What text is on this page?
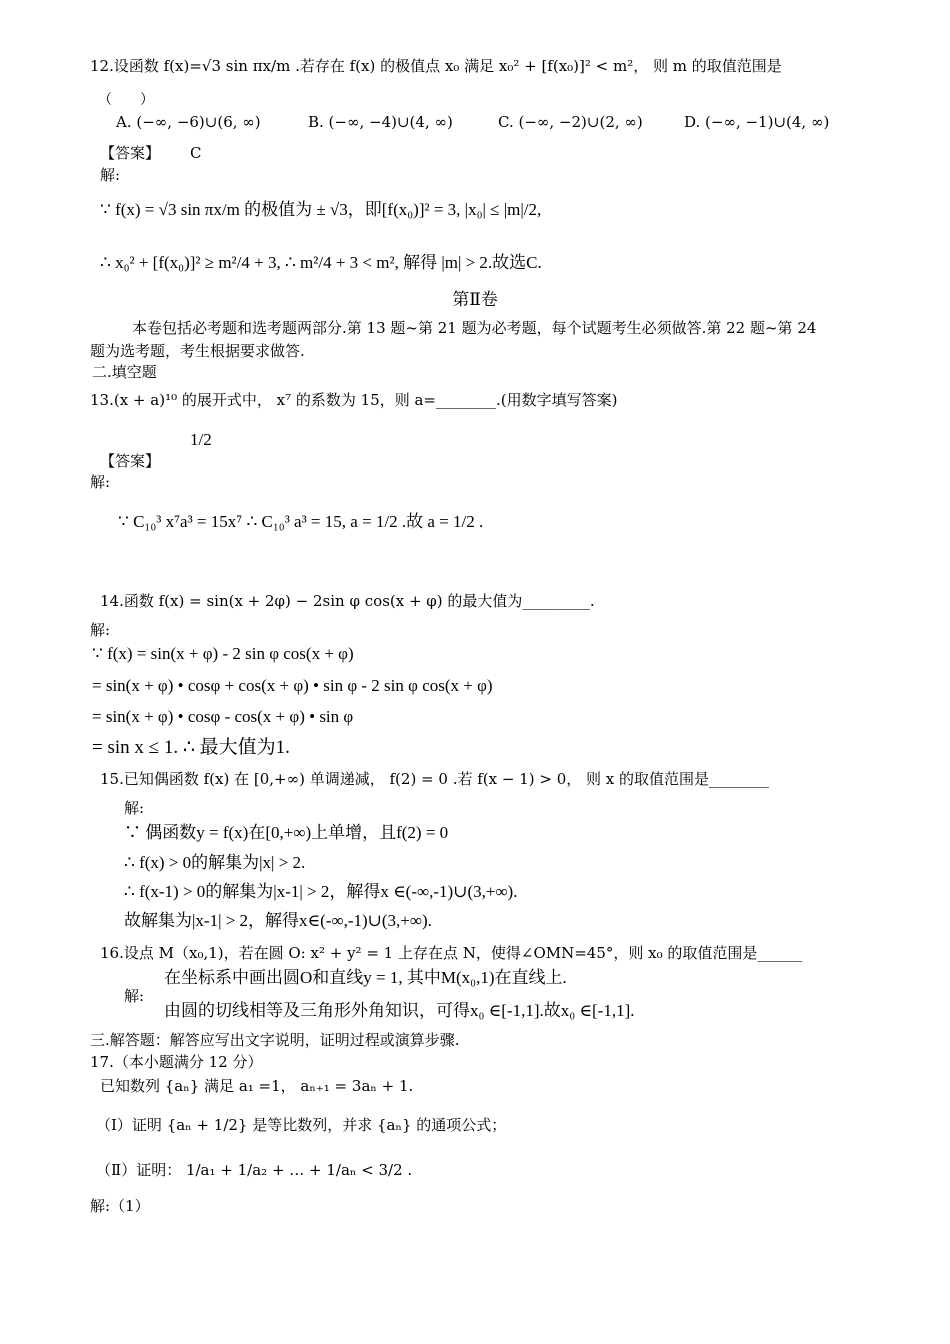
12.设函数 f(x)=√3 sin πx/m .若存在 f(x) 的极值点 x₀ 满足 x₀² + [f(x₀)]² < m²， 则 m 的取值范围是
（　　）
A. (−∞, −6)∪(6, ∞)	B. (−∞, −4)∪(4, ∞)	C. (−∞, −2)∪(2, ∞)	D. (−∞, −1)∪(4, ∞)
【答案】 C
解:
∵ f(x) = √3 sin πx/m 的极值为 ± √3，即[f(x₀)]² = 3, |x₀| ≤ |m|/2,
∴ x₀² + [f(x₀)]² ≥ m²/4 + 3, ∴ m²/4 + 3 < m², 解得 |m| > 2.故选C.
第Ⅱ卷
本卷包括必考题和选考题两部分.第 13 题~第 21 题为必考题，每个试题考生必须做答.第 22 题~第 24
题为选考题，考生根据要求做答.
二.填空题
13.(x + a)¹⁰ 的展开式中， x⁷ 的系数为 15，则 a=________.(用数字填写答案)
1/2
【答案】
解:
∵ C₁₀³ x⁷a³ = 15x⁷ ∴ C₁₀³ a³ = 15, a = 1/2 .故 a = 1/2 .
14.函数 f(x) = sin(x + 2φ) − 2sin φ cos(x + φ) 的最大值为_________.
解:
∵ f(x) = sin(x + φ) - 2 sin φ cos(x + φ)
= sin(x + φ) • cosφ + cos(x + φ) • sin φ - 2 sin φ cos(x + φ)
= sin(x + φ) • cosφ - cos(x + φ) • sin φ
= sin x ≤ 1. ∴ 最大值为1.
15.已知偶函数 f(x) 在 [0,+∞) 单调递减， f(2) = 0 .若 f(x − 1) > 0， 则 x 的取值范围是________
解:
∵ 偶函数y = f(x)在[0,+∞)上单增，且f(2) = 0
∴ f(x) > 0的解集为|x| > 2.
∴ f(x-1) > 0的解集为|x-1| > 2，解得x ∈(-∞,-1)∪(3,+∞).
故解集为|x-1| > 2，解得x∈(-∞,-1)∪(3,+∞).
16.设点 M（x₀,1)，若在圆 O: x² + y² = 1 上存在点 N，使得∠OMN=45°，则 x₀ 的取值范围是______
解:
在坐标系中画出圆O和直线y = 1, 其中M(x₀,1)在直线上.
由圆的切线相等及三角形外角知识，可得x₀ ∈[-1,1].故x₀ ∈[-1,1].
三.解答题：解答应写出文字说明，证明过程或演算步骤.
17.（本小题满分 12 分）
已知数列 {aₙ} 满足 a₁ =1， aₙ₊₁ = 3aₙ + 1.
（Ⅰ）证明 {aₙ + 1/2} 是等比数列，并求 {aₙ} 的通项公式；
（Ⅱ）证明： 1/a₁ + 1/a₂ + … + 1/aₙ < 3/2 .
解:（1）
